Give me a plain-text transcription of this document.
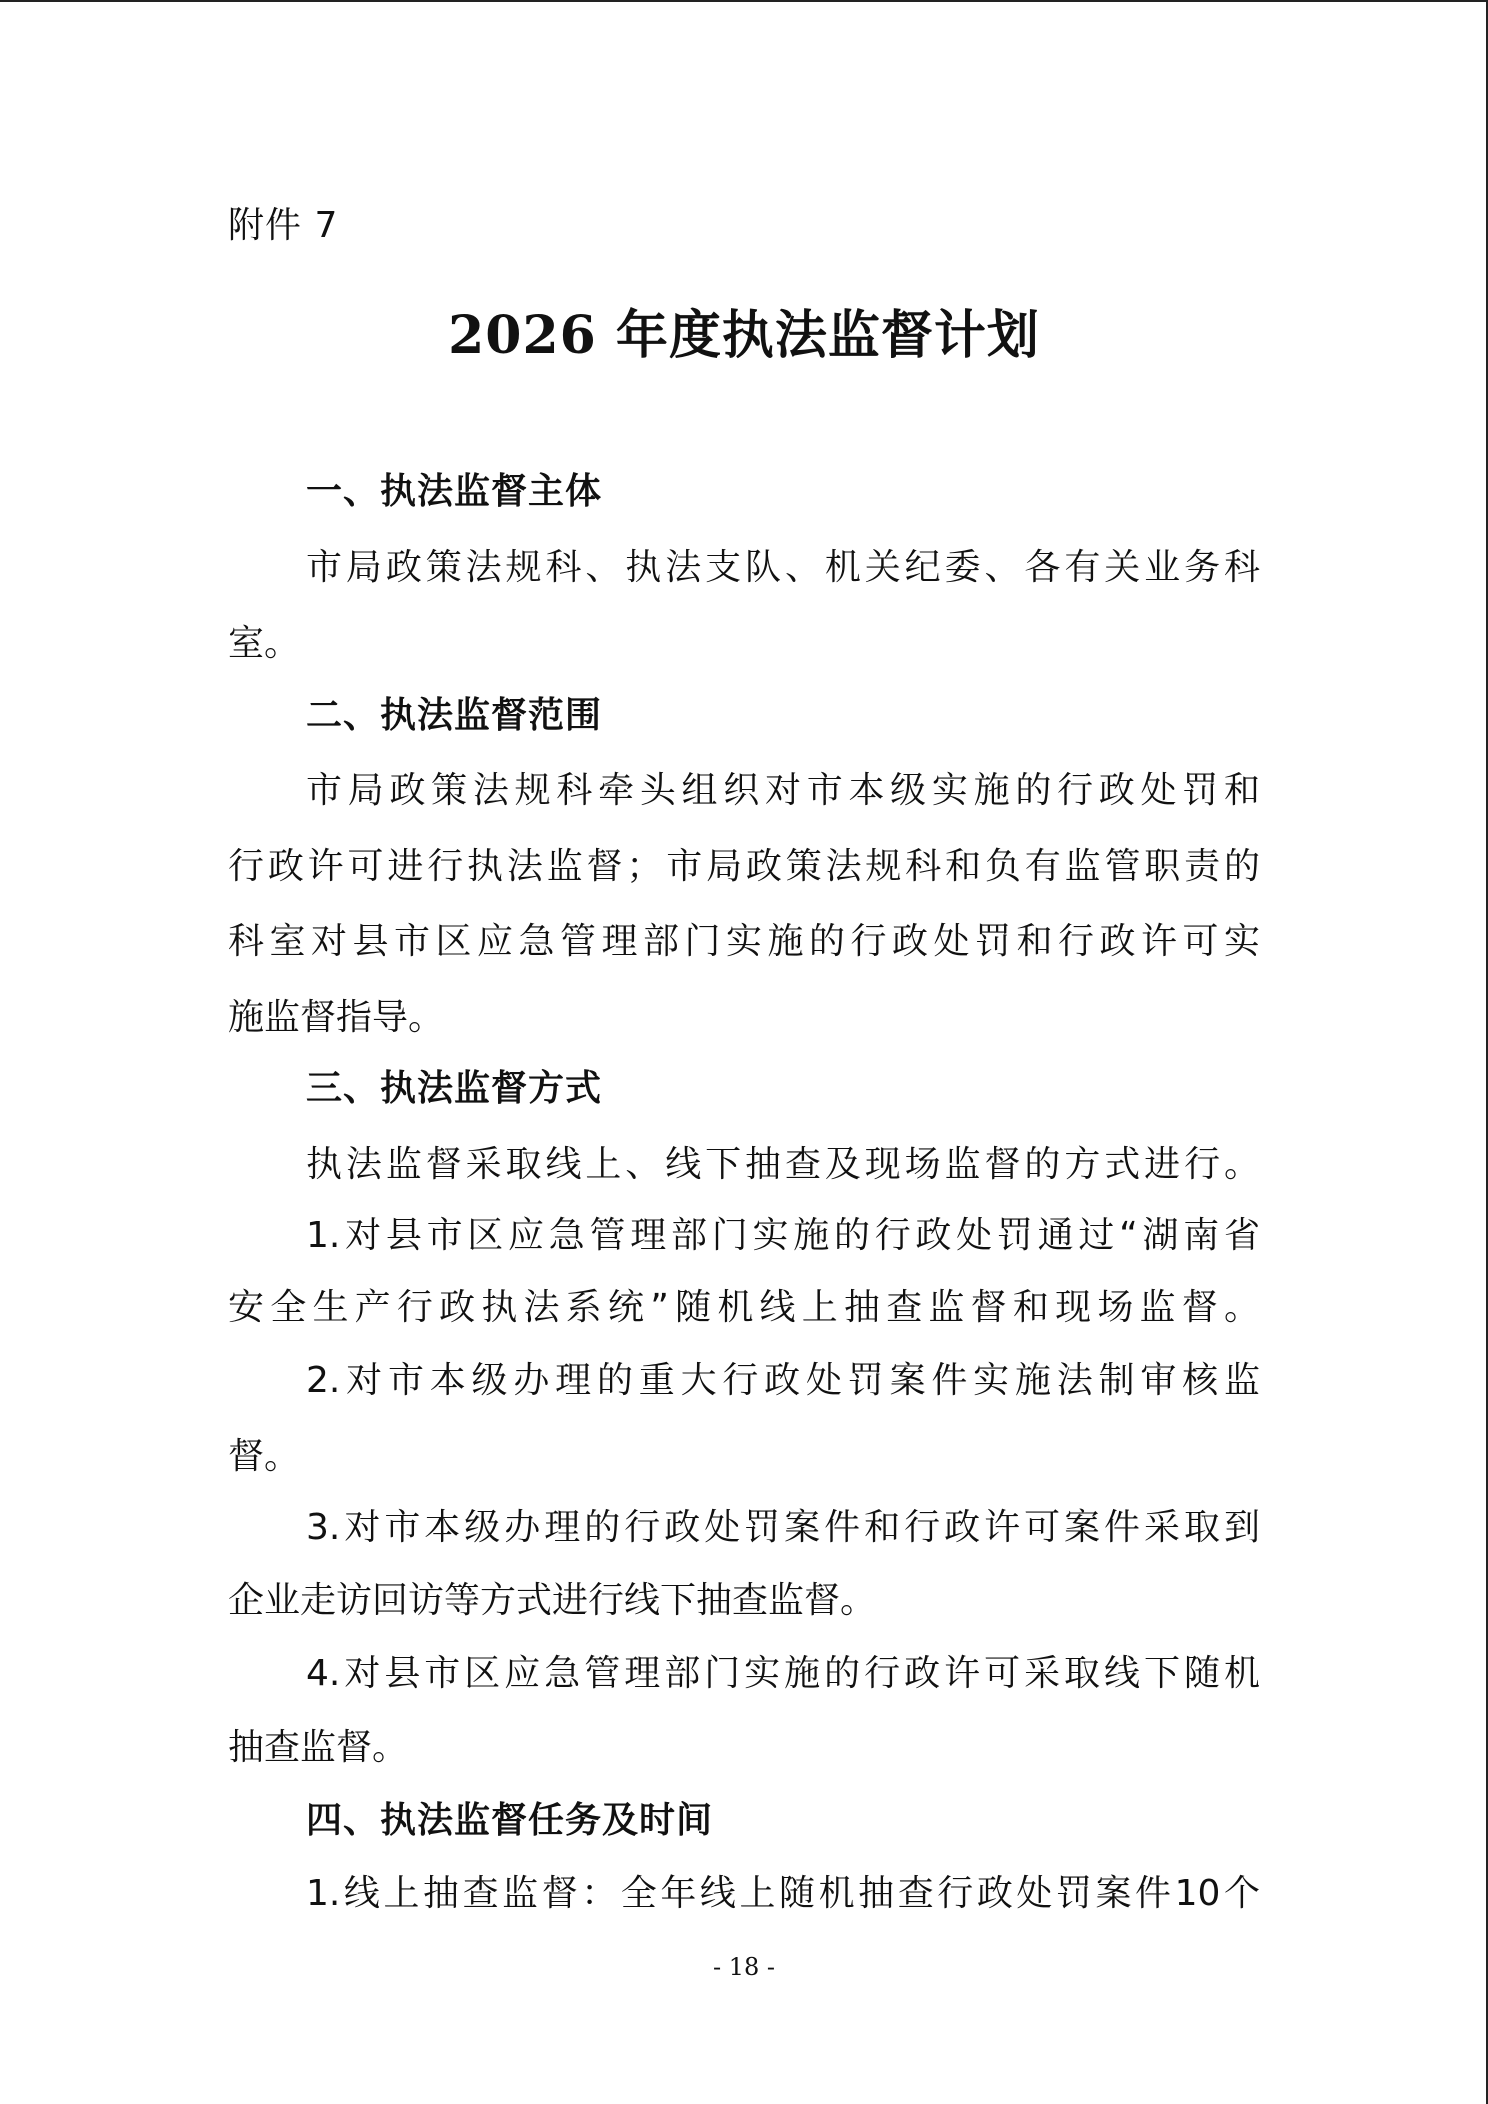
附件 7
2026 年度执法监督计划
一、执法监督主体
市局政策法规科、执法支队、机关纪委、各有关业务科
室。
二、执法监督范围
市局政策法规科牵头组织对市本级实施的行政处罚和
行政许可进行执法监督；市局政策法规科和负有监管职责的
科室对县市区应急管理部门实施的行政处罚和行政许可实
施监督指导。
三、执法监督方式
执法监督采取线上、线下抽查及现场监督的方式进行。
1.对县市区应急管理部门实施的行政处罚通过“湖南省
安全生产行政执法系统”随机线上抽查监督和现场监督。
2.对市本级办理的重大行政处罚案件实施法制审核监
督。
3.对市本级办理的行政处罚案件和行政许可案件采取到
企业走访回访等方式进行线下抽查监督。
4.对县市区应急管理部门实施的行政许可采取线下随机
抽查监督。
四、执法监督任务及时间
1.线上抽查监督：全年线上随机抽查行政处罚案件10个
- 18 -
